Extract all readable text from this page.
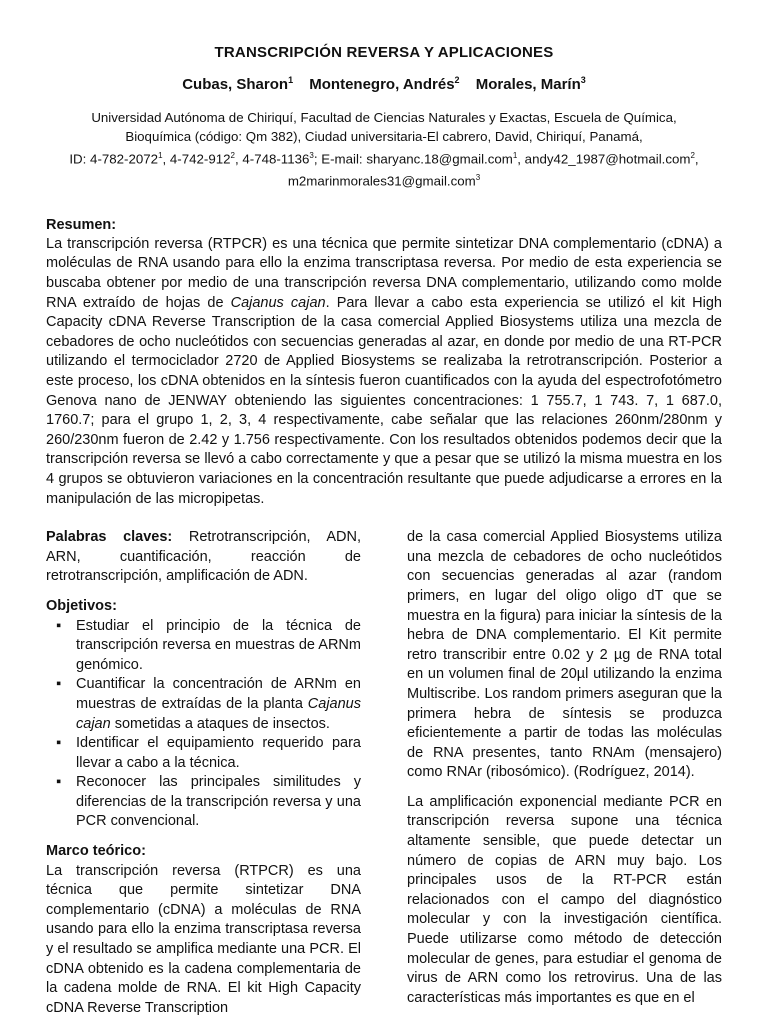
TRANSCRIPCIÓN REVERSA Y APLICACIONES
Cubas, Sharon$^1$ Montenegro, Andrés$^2$ Morales, Marín$^3$
Universidad Autónoma de Chiriquí, Facultad de Ciencias Naturales y Exactas, Escuela de Química,
Bioquímica (código: Qm 382), Ciudad universitaria-El cabrero, David, Chiriquí, Panamá,
ID: 4-782-2072$^1$, $4-742-912^2$, 4-748-1136$^3$; E-mail: sharyanc.18@gmail.com$^1$, andy42_1987@hotmail.com$^2$,
m2marinmorales31@gmail.com$^3$
Resumen:

La transcripción reversa (RTPCR) es una técnica que permite sintetizar DNA complementario (cDNA) a moléculas de RNA usando para ello la enzima transcriptasa reversa. Por medio de esta experiencia se buscaba obtener por medio de una transcripción reversa DNA complementario, utilizando como molde RNA extraído de hojas de Cajanus cajan. Para llevar a cabo esta experiencia se utilizó el kit High Capacity cDNA Reverse Transcription de la casa comercial Applied Biosystems utiliza una mezcla de cebadores de ocho nucleótidos con secuencias generadas al azar, en donde por medio de una RT-PCR utilizando el termociclador 2720 de Applied Biosystems se realizaba la retrotranscripción. Posterior a este proceso, los cDNA obtenidos en la síntesis fueron cuantificados con la ayuda del espectrofotómetro Genova nano de JENWAY obteniendo las siguientes concentraciones: 1 755.7, 1 743. 7, 1 687.0, 1760.7; para el grupo 1, 2, 3, 4 respectivamente, cabe señalar que las relaciones 260nm/280nm y 260/230nm fueron de 2.42 y 1.756 respectivamente. Con los resultados obtenidos podemos decir que la transcripción reversa se llevó a cabo correctamente y que a pesar que se utilizó la misma muestra en los 4 grupos se obtuvieron variaciones en la concentración resultante que puede adjudicarse a errores en la manipulación de las micropipetas.

Palabras claves: Retrotranscripción, ADN, ARN, cuantificación, reacción de retrotranscripción, amplificación de ADN.

Objetivos:
▪ Estudiar el principio de la técnica de transcripción reversa en muestras de ARNm genómico.
▪ Cuantificar la concentración de ARNm en muestras de extraídas de la planta Cajanus cajan sometidas a ataques de insectos.
▪ Identificar el equipamiento requerido para llevar a cabo a la técnica.
▪ Reconocer las principales similitudes y diferencias de la transcripción reversa y una PCR convencional.
Marco teórico:

La transcripción reversa (RTPCR) es una técnica que permite sintetizar DNA complementario (cDNA) a moléculas de RNA usando para ello la enzima transcriptasa reversa y el resultado se amplifica mediante una PCR. El cDNA obtenido es la cadena complementaria de la cadena molde de RNA. El kit High Capacity cDNA Reverse Transcription

de la casa comercial Applied Biosystems utiliza una mezcla de cebadores de ocho nucleótidos con secuencias generadas al azar (random primers, en lugar del oligo oligo dT que se muestra en la figura) para iniciar la síntesis de la hebra de DNA complementario. El Kit permite retro transcribir entre 0.02 y 2 µg de RNA total en un volumen final de 20µl utilizando la enzima Multiscribe. Los random primers aseguran que la primera hebra de síntesis se produzca eficientemente a partir de todas las moléculas de RNA presentes, tanto RNAm (mensajero) como RNAr (ribosómico). (Rodríguez, 2014).

La amplificación exponencial mediante PCR en transcripción reversa supone una técnica altamente sensible, que puede detectar un número de copias de ARN muy bajo. Los principales usos de la RT-PCR están relacionados con el campo del diagnóstico molecular y con la investigación científica. Puede utilizarse como método de detección molecular de genes, para estudiar el genoma de virus de ARN como los retrovirus. Una de las características más importantes es que en el
